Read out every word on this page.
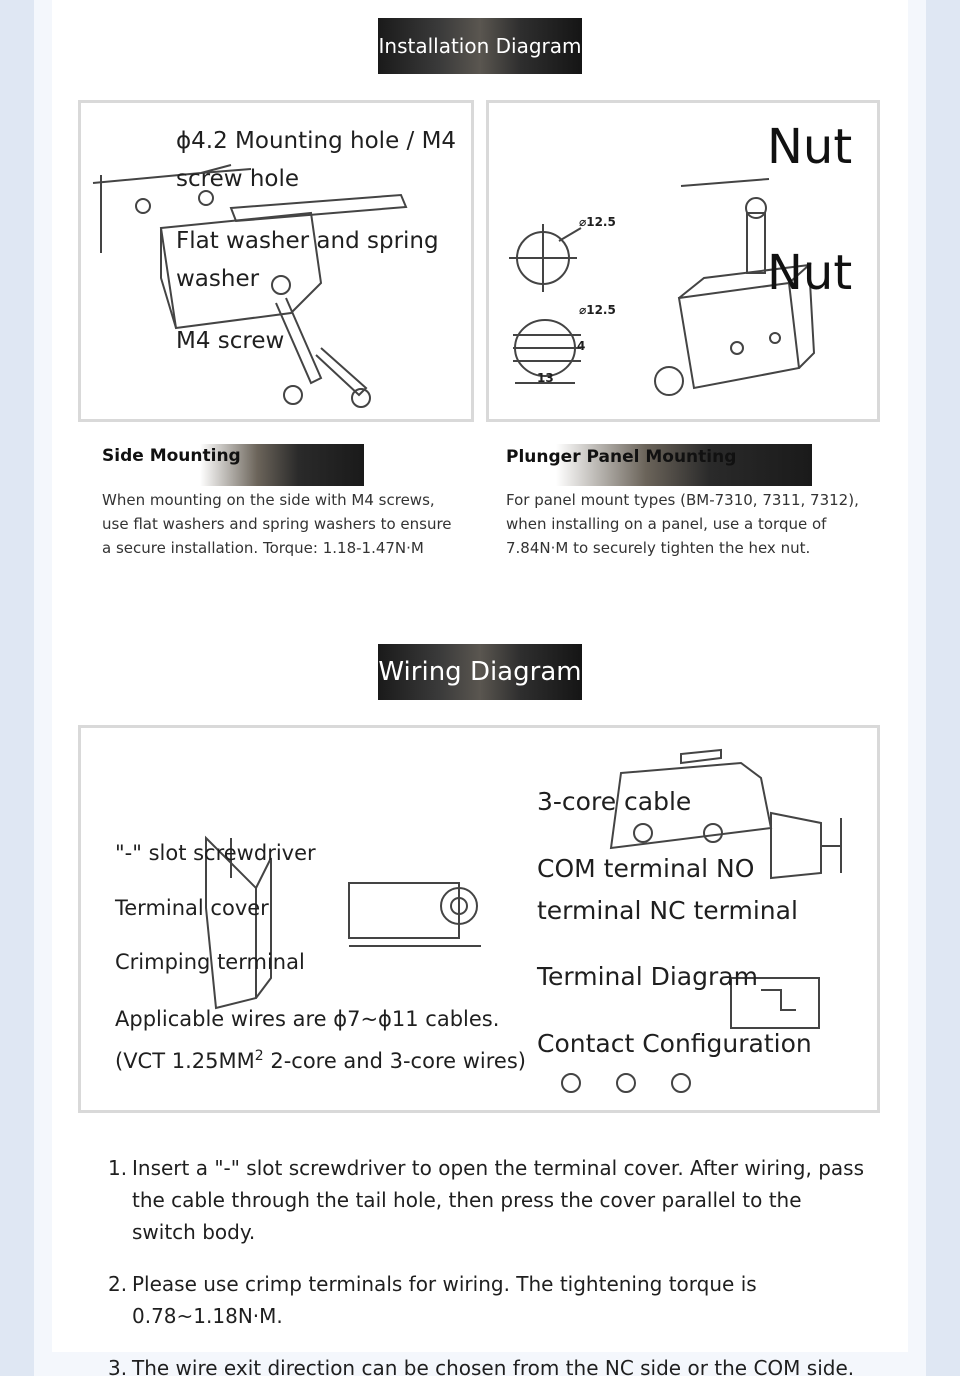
Installation Diagram
ϕ4.2 Mounting hole / M4
screw hole
Flat washer and spring
washer
M4 screw
Nut
Nut
⌀12.5
⌀12.5
13
4
Side Mounting
When mounting on the side with M4 screws, use flat washers and spring washers to ensure a secure installation. Torque: 1.18-1.47N·M
Plunger Panel Mounting
For panel mount types (BM-7310, 7311, 7312), when installing on a panel, use a torque of 7.84N·M to securely tighten the hex nut.
Wiring Diagram
"-" slot screwdriver
Terminal cover
Crimping terminal
Applicable wires are ϕ7~ϕ11 cables.
(VCT $1.25MM^2$ 2-core and 3-core wires)
3-core cable
COM terminal NO
terminal NC terminal
Terminal Diagram
Contact Configuration
1. Insert a "-" slot screwdriver to open the terminal cover. After wiring, pass the cable through the tail hole, then press the cover parallel to the switch body.
2. Please use crimp terminals for wiring. The tightening torque is 0.78~1.18N·M.
3. The wire exit direction can be chosen from the NC side or the COM side.
